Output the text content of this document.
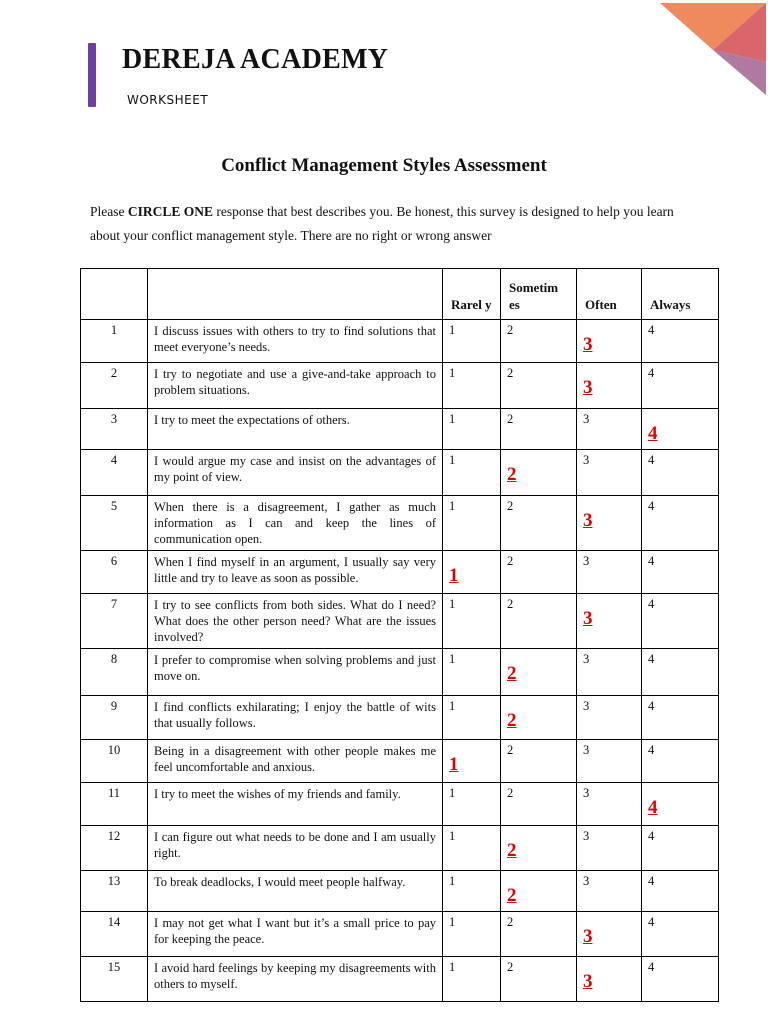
DEREJA ACADEMY
WORKSHEET
Conflict Management Styles Assessment
Please CIRCLE ONE response that best describes you. Be honest, this survey is designed to help you learn about your conflict management style. There are no right or wrong answer
		Rarel y	Sometim es	Often	Always
1	I discuss issues with others to try to find solutions that meet everyone’s needs.	1	2	3	4
2	I try to negotiate and use a give-and-take approach to problem situations.	1	2	3	4
3	I try to meet the expectations of others.	1	2	3	4
4	I would argue my case and insist on the advantages of my point of view.	1	2	3	4
5	When there is a disagreement, I gather as much information as I can and keep the lines of communication open.	1	2	3	4
6	When I find myself in an argument, I usually say very little and try to leave as soon as possible.	1	2	3	4
7	I try to see conflicts from both sides. What do I need? What does the other person need? What are the issues involved?	1	2	3	4
8	I prefer to compromise when solving problems and just move on.	1	2	3	4
9	I find conflicts exhilarating; I enjoy the battle of wits that usually follows.	1	2	3	4
10	Being in a disagreement with other people makes me feel uncomfortable and anxious.	1	2	3	4
11	I try to meet the wishes of my friends and family.	1	2	3	4
12	I can figure out what needs to be done and I am usually right.	1	2	3	4
13	To break deadlocks, I would meet people halfway.	1	2	3	4
14	I may not get what I want but it’s a small price to pay for keeping the peace.	1	2	3	4
15	I avoid hard feelings by keeping my disagreements with others to myself.	1	2	3	4
